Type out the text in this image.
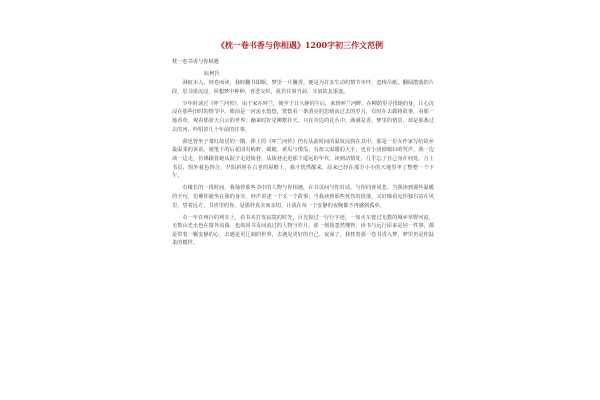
《枕一卷书香与你相遇》1200字初三作文范例
枕一卷书香与你相遇
纭柯氏

洞痕未入，轻卷而读，我时翻书即眠，梦里一片馨香。便是为许多生动的情节牵绊，恋栈尽纸，翻阅散落的片段，思书墨沉浸，回想梦中种种，喜悲交织，犹若往事当前，又似故友重逢。

少年时读过《呼兰河传》，由于家在呼兰，便至于日久静的午后，来到呼兰河畔，在柳荫里寻找她的身，让心沉浸在那些旧时的情节中。眼前是一河流水悠悠，恍惚看一条清亮的思绪流过去的岁月，有时在去做将故事，看那一地香草，观看那蓝天白云的世界，幽来时好见柳絮扑天，只在旁边的花丛中，满满是香。梦里的情景，却是那条过去的河，吟唱着几十年前的往事。

我也曾坐于萧红故居的一隅，捧上的《呼兰河传》仍有从前时间的温度浸润在其中，那是一位女作家写给故乡最温柔的诉说，她笔下的后花园有蚂蚱、蜻蜓、黄瓜与倭瓜，有祖父温暖的大手，也有小团圆媳妇的哭声。我一边读一边走，仿佛跟着她从院子走进街巷，从街巷走进那个遥远的年代，读到动情处，几乎忘了自己身在何处。合上书页，窗外暮色四合，夕阳斜照在古老的屋檐上，我才恍然醒来，原来已经在那方小小的天地里坐了整整一个下午。

有缘长的一段时间，我抽着那些书中的人物与你相遇，在书页间与你对话，与你同喜同悲。当我读到那些温暖的字句，仿佛你就坐在我的身旁，轻声讲述一个又一个故事；当我读到那些忧伤的段落，又好像看见你独自站在风里，望着远方。书香里的你，是那样真实而亲切，让我在每一个安静的夜晚都不再感到孤单。

有一年在西行的列车上，看书未打发寂寞的时光，目光掠过一行行字迹，一如火车驶过无数的城乡草野河流，无数山光水色在窗外流淌，也如同书页间流过的人物与岁月。那一刻我忽然懂得，读书与远行原来是同一件事，都是带着一颗安静的心，去遇见更辽阔的世界，去遇见更好的自己。夜深了，我枕着那一卷书香入梦，梦里仍是你温柔的模样。
